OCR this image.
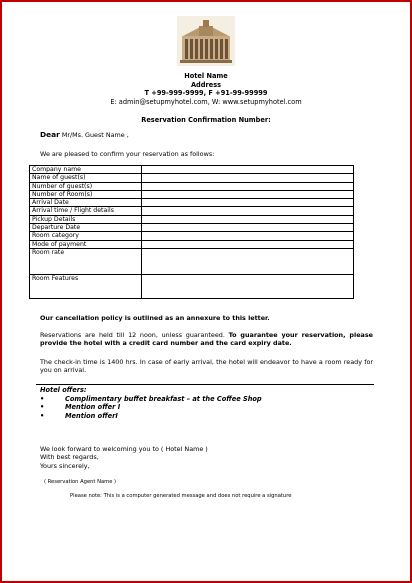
Hotel Name
Address
T +99-999-9999, F +91-99-99999
E: admin@setupmyhotel.com, W: www.setupmyhotel.com
Reservation Confirmation Number:
Dear Mr/Ms. Guest Name ,
We are pleased to confirm your reservation as follows:
Company name	
Name of guest(s)	
Number of guest(s)	
Number of Room(s)	
Arrival Date	
Arrival time / Flight details	
Pickup Details	
Departure Date	
Room category	
Mode of payment	
Room rate	
Room Features	
Our cancellation policy is outlined as an annexure to this letter.
Reservations are held till 12 noon, unless guaranteed. To guarantee your reservation, please provide the hotel with a credit card number and the card expiry date.
The check-in time is 1400 hrs. In case of early arrival, the hotel will endeavor to have a room ready for you on arrival.
Hotel offers:
•	Complimentary buffet breakfast – at the Coffee Shop
•	Mention offer I
•	Mention offerI
We look forward to welcoming you to ( Hotel Name )
With best regards,
Yours sincerely,
( Reservation Agent Name )
Please note: This is a computer generated message and does not require a signature
